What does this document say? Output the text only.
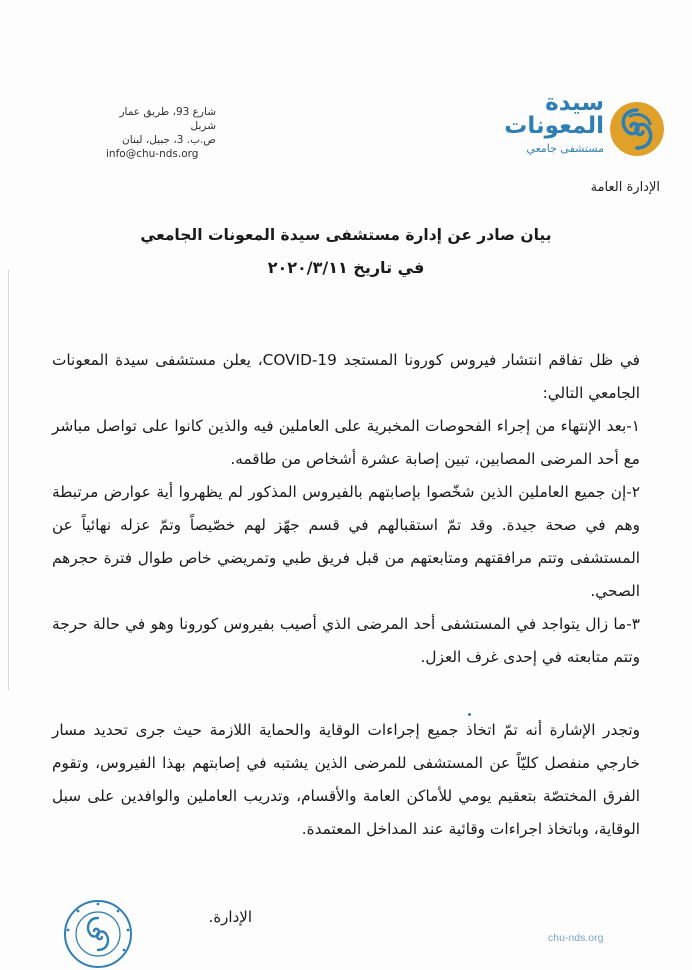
سيدة المعونات
مستشفى جامعي
الإدارة العامة
شارع 93، طريق عمار شربل
ص.ب. 3، جبيل، لبنان
info@chu-nds.org
بيان صادر عن إدارة مستشفى سيدة المعونات الجامعي
في تاريخ ٢٠٢٠/٣/١١

في ظل تفاقم انتشار فيروس كورونا المستجد COVID-19، يعلن مستشفى سيدة المعونات الجامعي التالي:

١-بعد الإنتهاء من إجراء الفحوصات المخبرية على العاملين فيه والذين كانوا على تواصل مباشر مع أحد المرضى المصابين، تبين إصابة عشرة أشخاص من طاقمه.

٢-إن جميع العاملين الذين شخّصوا بإصابتهم بالفيروس المذكور لم يظهروا أية عوارض مرتبطة وهم في صحة جيدة. وقد تمّ استقبالهم في قسم جهّز لهم خصّيصاً وتمّ عزله نهائياً عن المستشفى وتتم مرافقتهم ومتابعتهم من قبل فريق طبي وتمريضي خاص طوال فترة حجرهم الصحي.

٣-ما زال يتواجد في المستشفى أحد المرضى الذي أصيب بفيروس كورونا وهو في حالة حرجة وتتم متابعته في إحدى غرف العزل.

وتجدر الإشارة أنه تمّ اتخاذ جميع إجراءات الوقاية والحماية اللازمة حيث جرى تحديد مسار خارجي منفصل كليّاً عن المستشفى للمرضى الذين يشتبه في إصابتهم بهذا الفيروس، وتقوم الفرق المختصّة بتعقيم يومي للأماكن العامة والأقسام، وتدريب العاملين والوافدين على سبل الوقاية، وباتخاذ اجراءات وقائية عند المداخل المعتمدة.

الإدارة.
chu-nds.org
